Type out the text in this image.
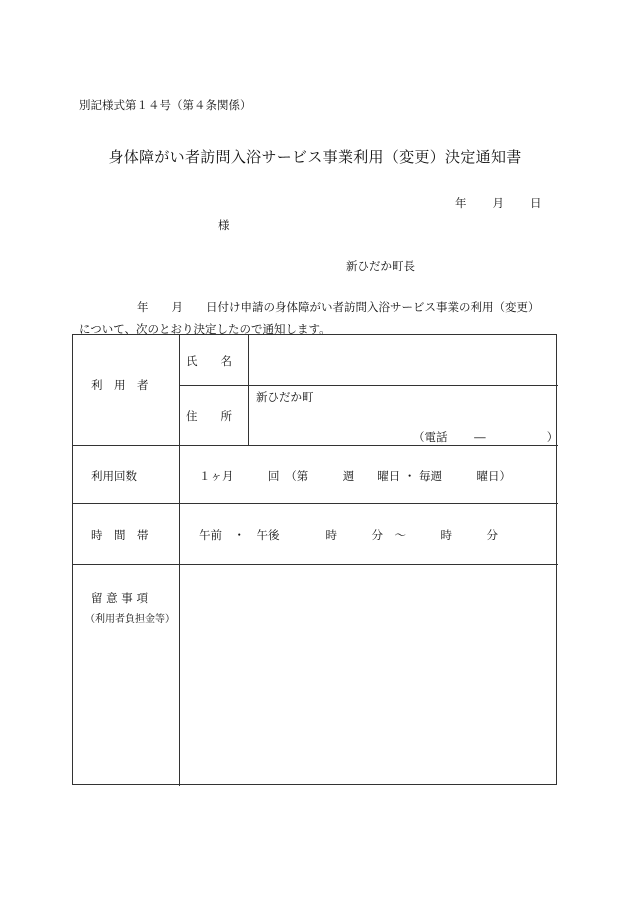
別記様式第１４号（第４条関係）
身体障がい者訪問入浴サービス事業利用（変更）決定通知書
年 月 日
様
新ひだか町長
年　　月　　日付け申請の身体障がい者訪問入浴サービス事業の利用（変更）
について、次のとおり決定したので通知します。
利　用　者
氏　　名
住　　所
新ひだか町
（電話　　 ―　　　　　 ）
利用回数	１ヶ月　　　回　（第　　　週　　曜日 ・ 毎週　　　曜日）
時　間　帯	午前　・　午後　　　　時　　　分　～　　　時　　　分
留 意 事 項
（利用者負担金等）
